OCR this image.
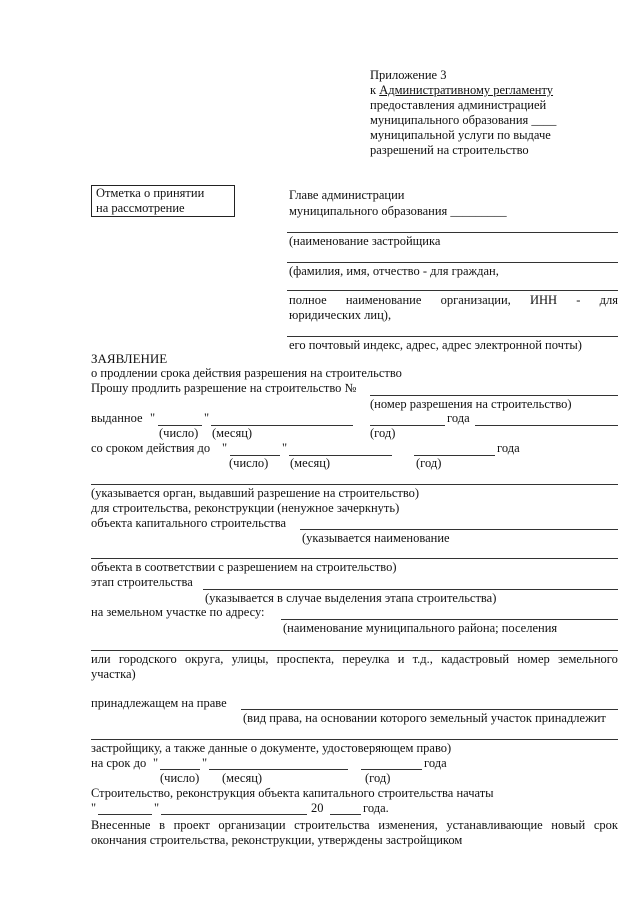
Приложение 3
к Административному регламенту
предоставления администрацией
муниципального образования ____
муниципальной услуги по выдаче
разрешений на строительство
Отметка о принятии
на рассмотрение
Главе администрации
муниципального образования _________
(наименование застройщика
(фамилия, имя, отчество - для граждан,
полное наименование организации, ИНН - для
юридических лиц),
его почтовый индекс, адрес, адрес электронной почты)
ЗАЯВЛЕНИЕ
о продлении срока действия разрешения на строительство
Прошу продлить разрешение на строительство №
(номер разрешения на строительство)
выданное "	"	года
(число) (месяц)	(год)
со сроком действия до "	"	года
(число) (месяц)	(год)
(указывается орган, выдавший разрешение на строительство)
для строительства, реконструкции (ненужное зачеркнуть)
объекта капитального строительства
(указывается наименование
объекта в соответствии с разрешением на строительство)
этап строительства
(указывается в случае выделения этапа строительства)
на земельном участке по адресу:
(наименование муниципального района; поселения
или городского округа, улицы, проспекта, переулка и т.д., кадастровый номер земельного
участка)
принадлежащем на праве
(вид права, на основании которого земельный участок принадлежит
застройщику, а также данные о документе, удостоверяющем право)
на срок до "	"	года
(число) (месяц)	(год)
Строительство, реконструкция объекта капитального строительства начаты
"	"	20	года.
Внесенные в проект организации строительства изменения, устанавливающие новый срок
окончания строительства, реконструкции, утверждены застройщиком
